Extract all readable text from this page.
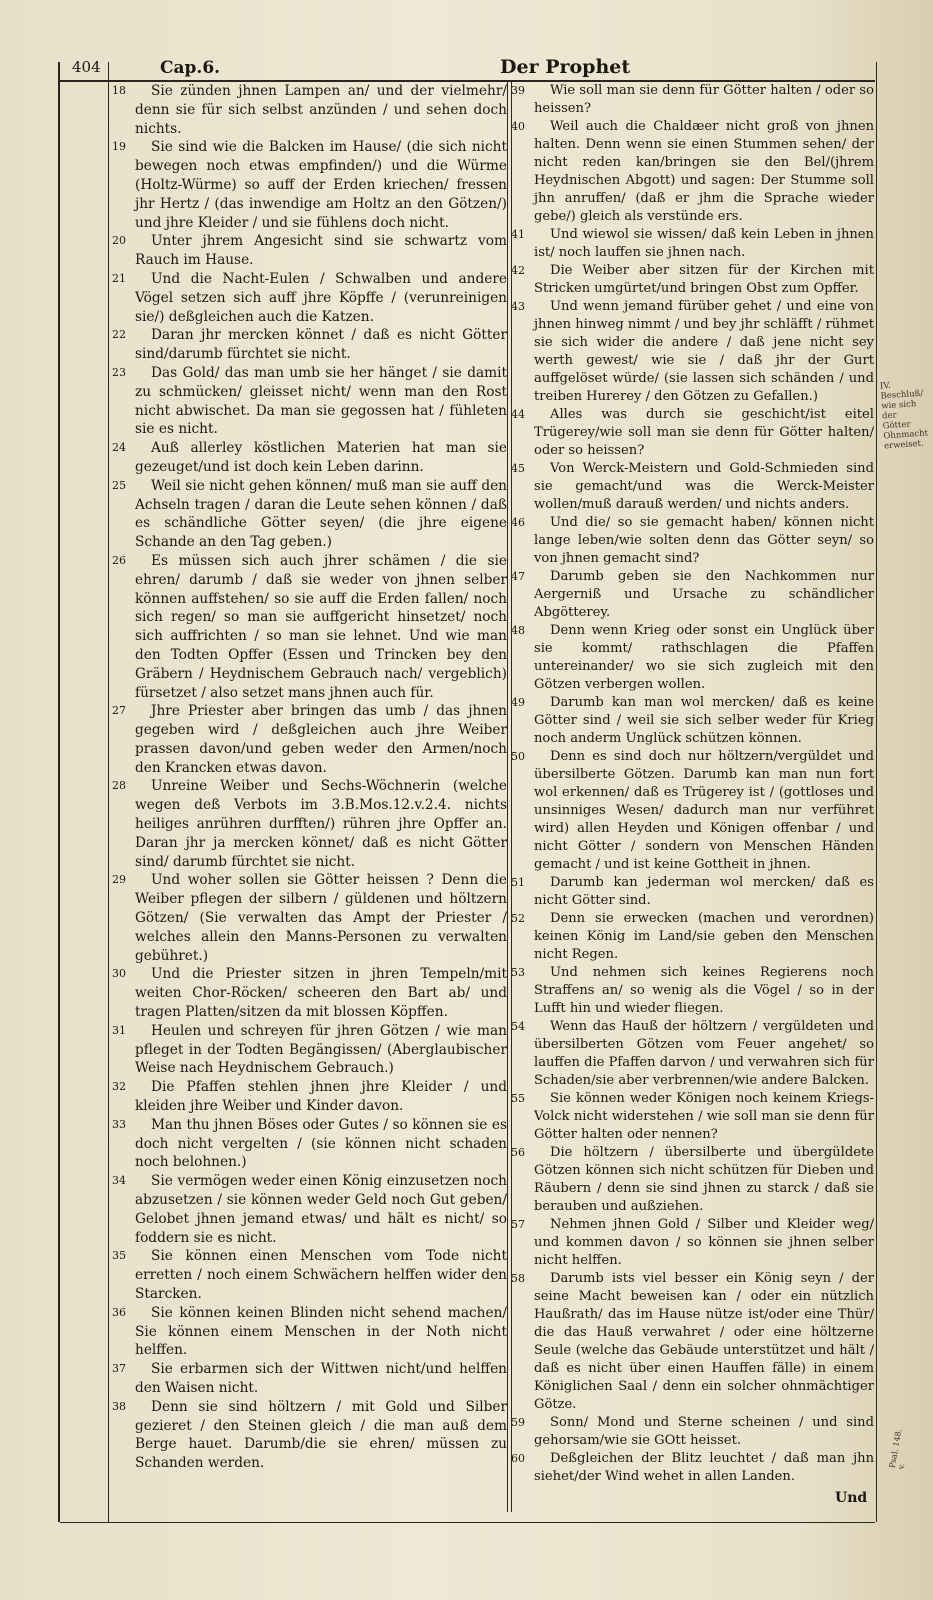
404	Cap.6.	Der Prophet
18	Sie zünden jhnen Lampen an/ und der vielmehr/ denn sie für sich selbst anzünden / und sehen doch nichts.
19	Sie sind wie die Balcken im Hause/ (die sich nicht bewegen noch etwas empfinden/) und die Würme (Holtz-Würme) so auff der Erden kriechen/ fressen jhr Hertz / (das inwendige am Holtz an den Götzen/) und jhre Kleider / und sie fühlens doch nicht.
20	Unter jhrem Angesicht sind sie schwartz vom Rauch im Hause.
21	Und die Nacht-Eulen / Schwalben und andere Vögel setzen sich auff jhre Köpffe / (verunreinigen sie/) deßgleichen auch die Katzen.
22	Daran jhr mercken könnet / daß es nicht Götter sind/darumb fürchtet sie nicht.
23	Das Gold/ das man umb sie her hänget / sie damit zu schmücken/ gleisset nicht/ wenn man den Rost nicht abwischet. Da man sie gegossen hat / fühleten sie es nicht.
24	Auß allerley köstlichen Materien hat man sie gezeuget/und ist doch kein Leben darinn.
25	Weil sie nicht gehen können/ muß man sie auff den Achseln tragen / daran die Leute sehen können / daß es schändliche Götter seyen/ (die jhre eigene Schande an den Tag geben.)
26	Es müssen sich auch jhrer schämen / die sie ehren/ darumb / daß sie weder von jhnen selber können auffstehen/ so sie auff die Erden fallen/ noch sich regen/ so man sie auffgericht hinsetzet/ noch sich auffrichten / so man sie lehnet. Und wie man den Todten Opffer (Essen und Trincken bey den Gräbern / Heydnischem Gebrauch nach/ vergeblich) fürsetzet / also setzet mans jhnen auch für.
27	Jhre Priester aber bringen das umb / das jhnen gegeben wird / deßgleichen auch jhre Weiber prassen davon/und geben weder den Armen/noch den Krancken etwas davon.
28	Unreine Weiber und Sechs-Wöchnerin (welche wegen deß Verbots im 3.B.Mos.12.v.2.4. nichts heiliges anrühren durfften/) rühren jhre Opffer an. Daran jhr ja mercken könnet/ daß es nicht Götter sind/ darumb fürchtet sie nicht.
29	Und woher sollen sie Götter heissen ? Denn die Weiber pflegen der silbern / güldenen und höltzern Götzen/ (Sie verwalten das Ampt der Priester / welches allein den Manns-Personen zu verwalten gebühret.)
30	Und die Priester sitzen in jhren Tempeln/mit weiten Chor-Röcken/ scheeren den Bart ab/ und tragen Platten/sitzen da mit blossen Köpffen.
31	Heulen und schreyen für jhren Götzen / wie man pfleget in der Todten Begängissen/ (Aberglaubischer Weise nach Heydnischem Gebrauch.)
32	Die Pfaffen stehlen jhnen jhre Kleider / und kleiden jhre Weiber und Kinder davon.
33	Man thu jhnen Böses oder Gutes / so können sie es doch nicht vergelten / (sie können nicht schaden noch belohnen.)
34	Sie vermögen weder einen König einzusetzen noch abzusetzen / sie können weder Geld noch Gut geben/ Gelobet jhnen jemand etwas/ und hält es nicht/ so foddern sie es nicht.
35	Sie können einen Menschen vom Tode nicht erretten / noch einem Schwächern helffen wider den Starcken.
36	Sie können keinen Blinden nicht sehend machen/ Sie können einem Menschen in der Noth nicht helffen.
37	Sie erbarmen sich der Wittwen nicht/und helffen den Waisen nicht.
38	Denn sie sind höltzern / mit Gold und Silber gezieret / den Steinen gleich / die man auß dem Berge hauet. Darumb/die sie ehren/ müssen zu Schanden werden.
39	Wie soll man sie denn für Götter halten / oder so heissen?
40	Weil auch die Chaldæer nicht groß von jhnen halten. Denn wenn sie einen Stummen sehen/ der nicht reden kan/bringen sie den Bel/(jhrem Heydnischen Abgott) und sagen: Der Stumme soll jhn anruffen/ (daß er jhm die Sprache wieder gebe/) gleich als verstünde ers.
41	Und wiewol sie wissen/ daß kein Leben in jhnen ist/ noch lauffen sie jhnen nach.
42	Die Weiber aber sitzen für der Kirchen mit Stricken umgürtet/und bringen Obst zum Opffer.
43	Und wenn jemand fürüber gehet / und eine von jhnen hinweg nimmt / und bey jhr schläfft / rühmet sie sich wider die andere / daß jene nicht sey werth gewest/ wie sie / daß jhr der Gurt auffgelöset würde/ (sie lassen sich schänden / und treiben Hurerey / den Götzen zu Gefallen.)
44	Alles was durch sie geschicht/ist eitel Trügerey/wie soll man sie denn für Götter halten/ oder so heissen?
45	Von Werck-Meistern und Gold-Schmieden sind sie gemacht/und was die Werck-Meister wollen/muß darauß werden/ und nichts anders.
46	Und die/ so sie gemacht haben/ können nicht lange leben/wie solten denn das Götter seyn/ so von jhnen gemacht sind?
47	Darumb geben sie den Nachkommen nur Aergerniß und Ursache zu schändlicher Abgötterey.
48	Denn wenn Krieg oder sonst ein Unglück über sie kommt/ rathschlagen die Pfaffen untereinander/ wo sie sich zugleich mit den Götzen verbergen wollen.
49	Darumb kan man wol mercken/ daß es keine Götter sind / weil sie sich selber weder für Krieg noch anderm Unglück schützen können.
50	Denn es sind doch nur höltzern/vergüldet und übersilberte Götzen. Darumb kan man nun fort wol erkennen/ daß es Trügerey ist / (gottloses und unsinniges Wesen/ dadurch man nur verführet wird) allen Heyden und Königen offenbar / und nicht Götter / sondern von Menschen Händen gemacht / und ist keine Gottheit in jhnen.
51	Darumb kan jederman wol mercken/ daß es nicht Götter sind.
52	Denn sie erwecken (machen und verordnen) keinen König im Land/sie geben den Menschen nicht Regen.
53	Und nehmen sich keines Regierens noch Straffens an/ so wenig als die Vögel / so in der Lufft hin und wieder fliegen.
54	Wenn das Hauß der höltzern / vergüldeten und übersilberten Götzen vom Feuer angehet/ so lauffen die Pfaffen darvon / und verwahren sich für Schaden/sie aber verbrennen/wie andere Balcken.
55	Sie können weder Königen noch keinem Kriegs-Volck nicht widerstehen / wie soll man sie denn für Götter halten oder nennen?
56	Die höltzern / übersilberte und übergüldete Götzen können sich nicht schützen für Dieben und Räubern / denn sie sind jhnen zu starck / daß sie berauben und außziehen.
57	Nehmen jhnen Gold / Silber und Kleider weg/ und kommen davon / so können sie jhnen selber nicht helffen.
58	Darumb ists viel besser ein König seyn / der seine Macht beweisen kan / oder ein nützlich Haußrath/ das im Hause nütze ist/oder eine Thür/ die das Hauß verwahret / oder eine höltzerne Seule (welche das Gebäude unterstützet und hält / daß es nicht über einen Hauffen fälle) in einem Königlichen Saal / denn ein solcher ohnmächtiger Götze.
59	Sonn/ Mond und Sterne scheinen / und sind gehorsam/wie sie GOtt heisset.
60	Deßgleichen der Blitz leuchtet / daß man jhn siehet/der Wind wehet in allen Landen.
IV. Beschluß/ wie sich der Götter Ohnmacht erweiset.
Psal. 148. v.
Und
